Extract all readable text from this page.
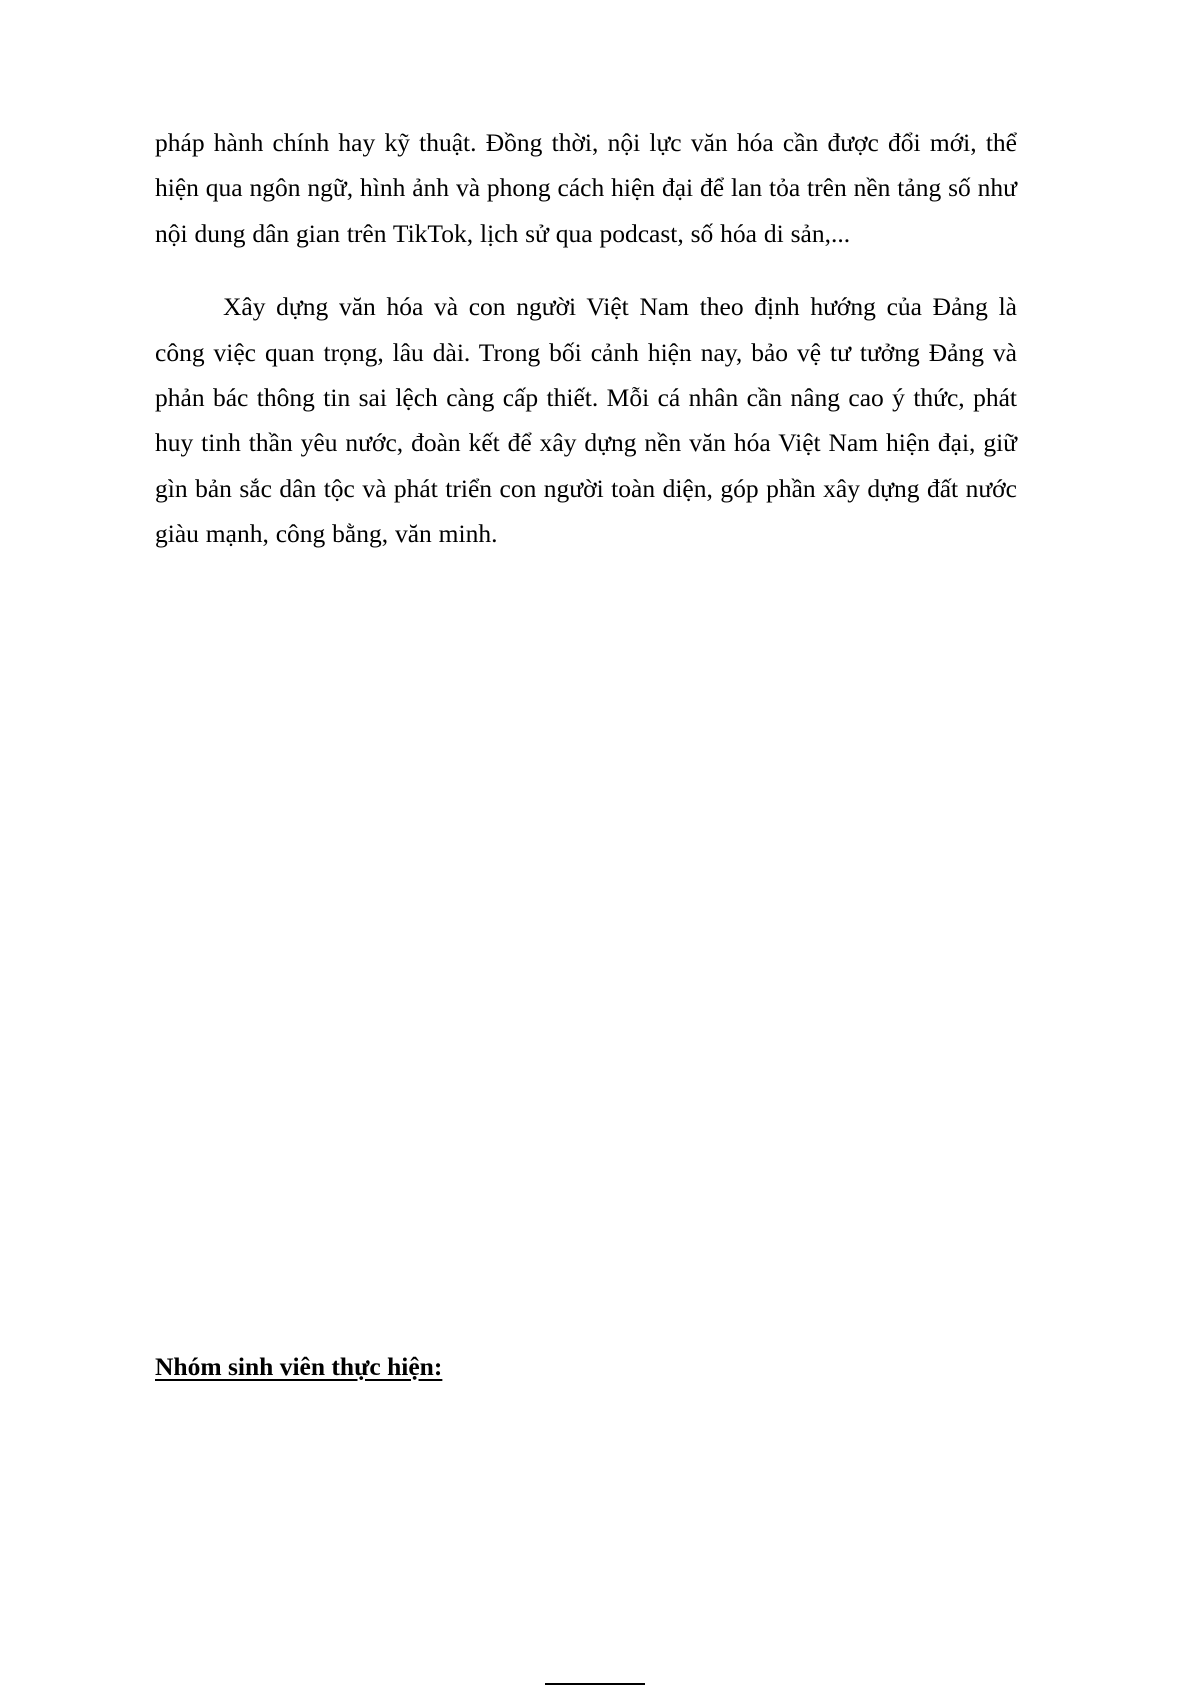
pháp hành chính hay kỹ thuật. Đồng thời, nội lực văn hóa cần được đổi mới, thể hiện qua ngôn ngữ, hình ảnh và phong cách hiện đại để lan tỏa trên nền tảng số như nội dung dân gian trên TikTok, lịch sử qua podcast, số hóa di sản,...

Xây dựng văn hóa và con người Việt Nam theo định hướng của Đảng là công việc quan trọng, lâu dài. Trong bối cảnh hiện nay, bảo vệ tư tưởng Đảng và phản bác thông tin sai lệch càng cấp thiết. Mỗi cá nhân cần nâng cao ý thức, phát huy tinh thần yêu nước, đoàn kết để xây dựng nền văn hóa Việt Nam hiện đại, giữ gìn bản sắc dân tộc và phát triển con người toàn diện, góp phần xây dựng đất nước giàu mạnh, công bằng, văn minh.

Nhóm sinh viên thực hiện:
